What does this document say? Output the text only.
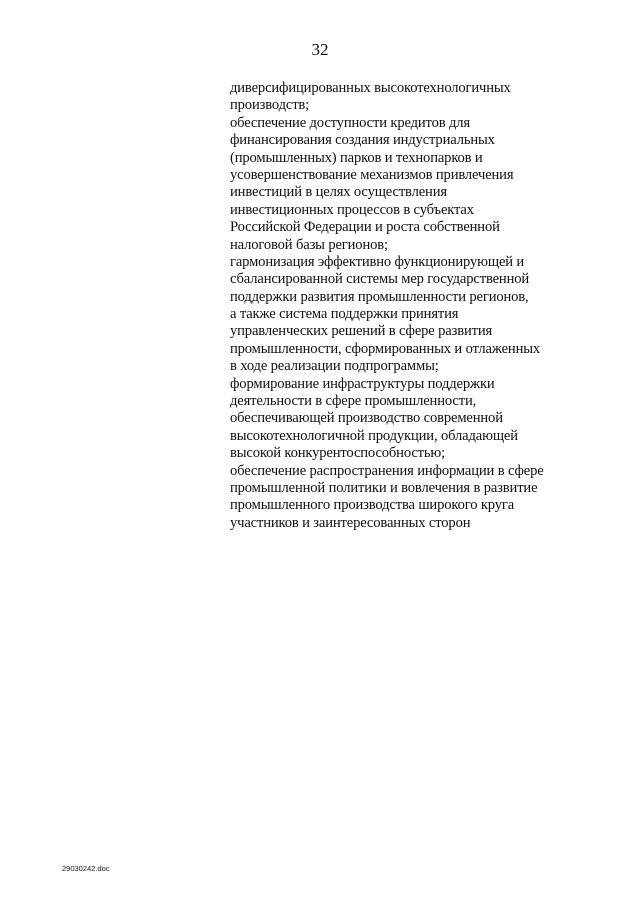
32
диверсифицированных высокотехнологичных
производств;
обеспечение доступности кредитов для
финансирования создания индустриальных
(промышленных) парков и технопарков и
усовершенствование механизмов привлечения
инвестиций в целях осуществления
инвестиционных процессов в субъектах
Российской Федерации и роста собственной
налоговой базы регионов;
гармонизация эффективно функционирующей и
сбалансированной системы мер государственной
поддержки развития промышленности регионов,
а также система поддержки принятия
управленческих решений в сфере развития
промышленности, сформированных и отлаженных
в ходе реализации подпрограммы;
формирование инфраструктуры поддержки
деятельности в сфере промышленности,
обеспечивающей производство современной
высокотехнологичной продукции, обладающей
высокой конкурентоспособностью;
обеспечение распространения информации в сфере
промышленной политики и вовлечения в развитие
промышленного производства широкого круга
участников и заинтересованных сторон
29030242.doc
